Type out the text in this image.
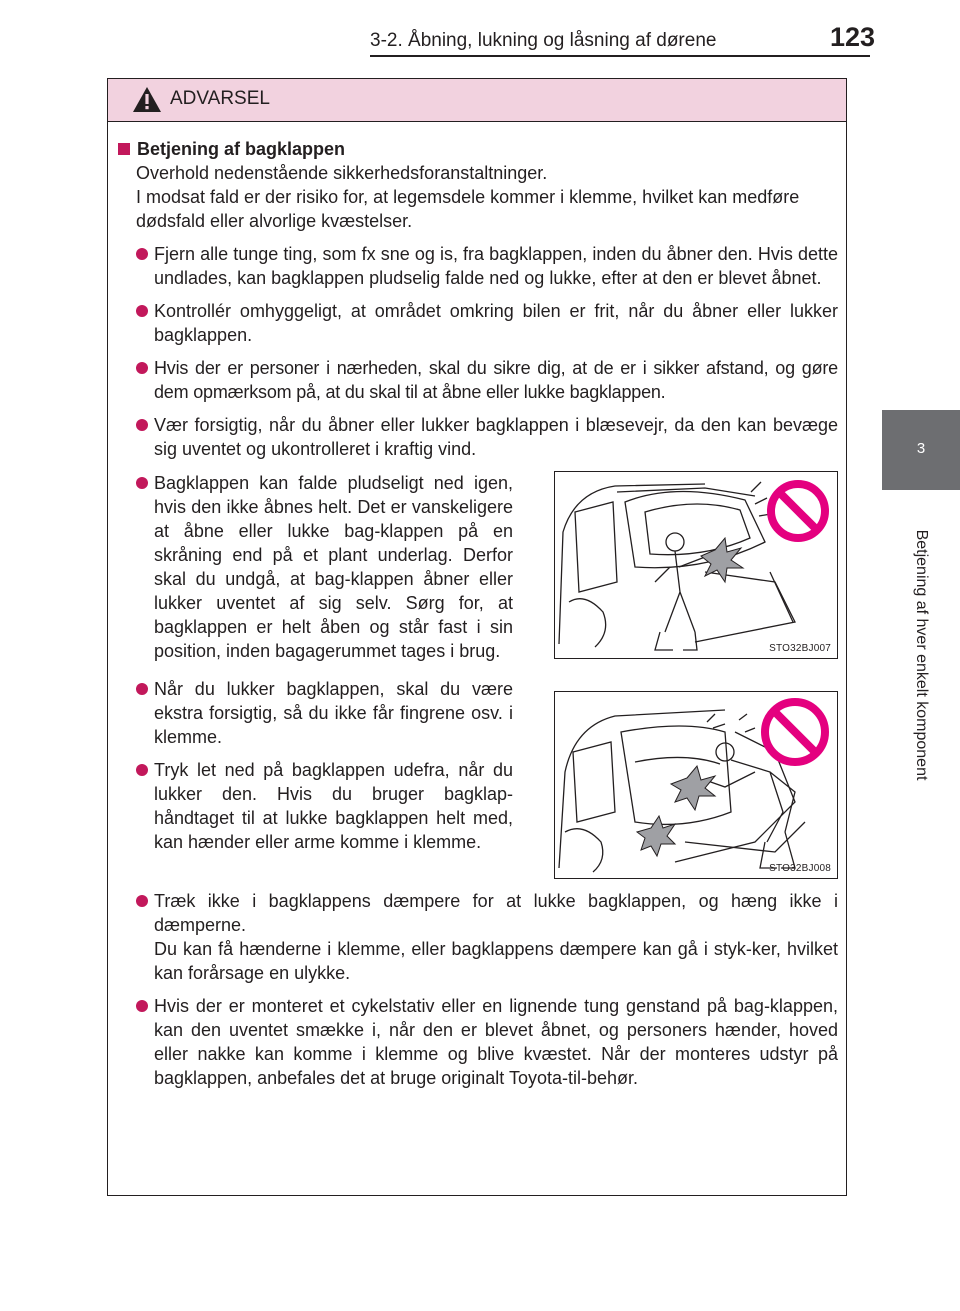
3-2. Åbning, lukning og låsning af dørene	123
3
Betjening af hver enkelt komponent
ADVARSEL
Betjening af bagklappen

Overhold nedenstående sikkerhedsforanstaltninger.

I modsat fald er der risiko for, at legemsdele kommer i klemme, hvilket kan medføre dødsfald eller alvorlige kvæstelser.

Fjern alle tunge ting, som fx sne og is, fra bagklappen, inden du åbner den. Hvis dette undlades, kan bagklappen pludselig falde ned og lukke, efter at den er blevet åbnet.
Kontrollér omhyggeligt, at området omkring bilen er frit, når du åbner eller lukker bagklappen.
Hvis der er personer i nærheden, skal du sikre dig, at de er i sikker afstand, og gøre dem opmærksom på, at du skal til at åbne eller lukke bagklappen.
Vær forsigtig, når du åbner eller lukker bagklappen i blæsevejr, da den kan bevæge sig uventet og ukontrolleret i kraftig vind.
Bagklappen kan falde pludseligt ned igen, hvis den ikke åbnes helt. Det er vanskeligere at åbne eller lukke bag-klappen på en skråning end på et plant underlag. Derfor skal du undgå, at bag-klappen åbner eller lukker uventet af sig selv. Sørg for, at bagklappen er helt åben og står fast i sin position, inden bagagerummet tages i brug.	STO32BJ007
Når du lukker bagklappen, skal du være ekstra forsigtig, så du ikke får fingrene osv. i klemme.
Tryk let ned på bagklappen udefra, når du lukker den. Hvis du bruger bagklap-håndtaget til at lukke bagklappen helt med, kan hænder eller arme komme i klemme.
STO32BJ008

Træk ikke i bagklappens dæmpere for at lukke bagklappen, og hæng ikke i dæmperne.

Du kan få hænderne i klemme, eller bagklappens dæmpere kan gå i styk-ker, hvilket kan forårsage en ulykke.

Hvis der er monteret et cykelstativ eller en lignende tung genstand på bag-klappen, kan den uventet smække i, når den er blevet åbnet, og personers hænder, hoved eller nakke kan komme i klemme og blive kvæstet. Når der monteres udstyr på bagklappen, anbefales det at bruge originalt Toyota-til-behør.
